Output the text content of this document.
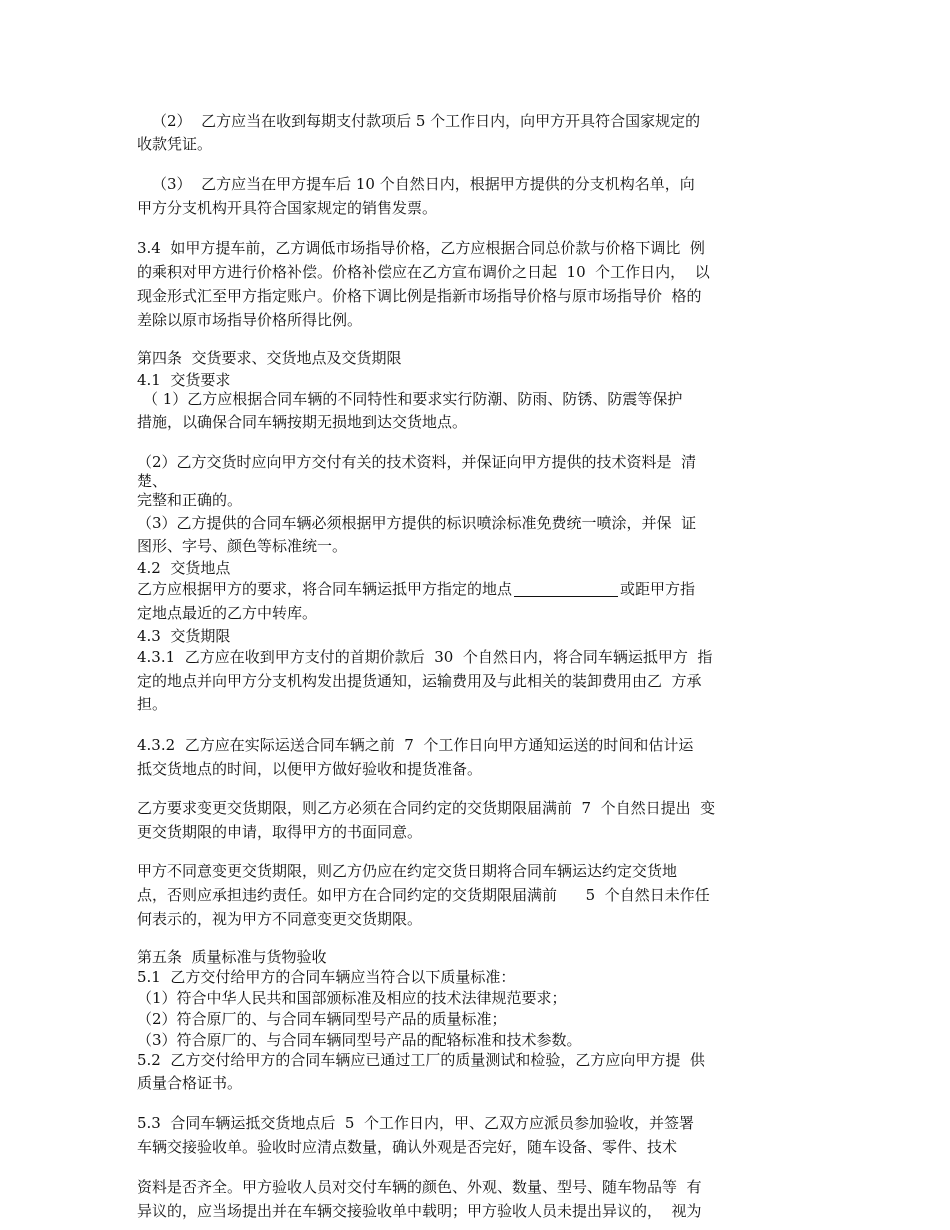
（2）  乙方应当在收到每期支付款项后 5 个工作日内，向甲方开具符合国家规定的
收款凭证。
（3）  乙方应当在甲方提车后 10 个自然日内，根据甲方提供的分支机构名单，向
甲方分支机构开具符合国家规定的销售发票。
3.4  如甲方提车前，乙方调低市场指导价格，乙方应根据合同总价款与价格下调比  例
的乘积对甲方进行价格补偿。价格补偿应在乙方宣布调价之日起  10  个工作日内，  以
现金形式汇至甲方指定账户。价格下调比例是指新市场指导价格与原市场指导价  格的
差除以原市场指导价格所得比例。
第四条  交货要求、交货地点及交货期限
4.1  交货要求
（ 1）乙方应根据合同车辆的不同特性和要求实行防潮、防雨、防锈、防震等保护
措施，以确保合同车辆按期无损地到达交货地点。
（2）乙方交货时应向甲方交付有关的技术资料，并保证向甲方提供的技术资料是  清
楚、
完整和正确的。
（3）乙方提供的合同车辆必须根据甲方提供的标识喷涂标准免费统一喷涂，并保  证
图形、字号、颜色等标准统一。
4.2  交货地点
乙方应根据甲方的要求，将合同车辆运抵甲方指定的地点	或距甲方指
定地点最近的乙方中转库。
4.3  交货期限
4.3.1  乙方应在收到甲方支付的首期价款后  30  个自然日内，将合同车辆运抵甲方  指
定的地点并向甲方分支机构发出提货通知，运输费用及与此相关的装卸费用由乙  方承
担。
4.3.2  乙方应在实际运送合同车辆之前  7  个工作日向甲方通知运送的时间和估计运
抵交货地点的时间，以便甲方做好验收和提货准备。
乙方要求变更交货期限，则乙方必须在合同约定的交货期限届满前  7  个自然日提出  变
更交货期限的申请，取得甲方的书面同意。
甲方不同意变更交货期限，则乙方仍应在约定交货日期将合同车辆运达约定交货地
点，否则应承担违约责任。如甲方在合同约定的交货期限届满前      5  个自然日未作任
何表示的，视为甲方不同意变更交货期限。
第五条  质量标准与货物验收
5.1  乙方交付给甲方的合同车辆应当符合以下质量标准：
（1）符合中华人民共和国部颁标准及相应的技术法律规范要求；
（2）符合原厂的、与合同车辆同型号产品的质量标准；
（3）符合原厂的、与合同车辆同型号产品的配辂标准和技术参数。
5.2  乙方交付给甲方的合同车辆应已通过工厂的质量测试和检验，乙方应向甲方提  供
质量合格证书。
5.3  合同车辆运抵交货地点后  5  个工作日内，甲、乙双方应派员参加验收，并签署
车辆交接验收单。验收时应清点数量，确认外观是否完好，随车设备、零件、技术
资料是否齐全。甲方验收人员对交付车辆的颜色、外观、数量、型号、随车物品等  有
异议的，应当场提出并在车辆交接验收单中载明；甲方验收人员未提出异议的，  视为
